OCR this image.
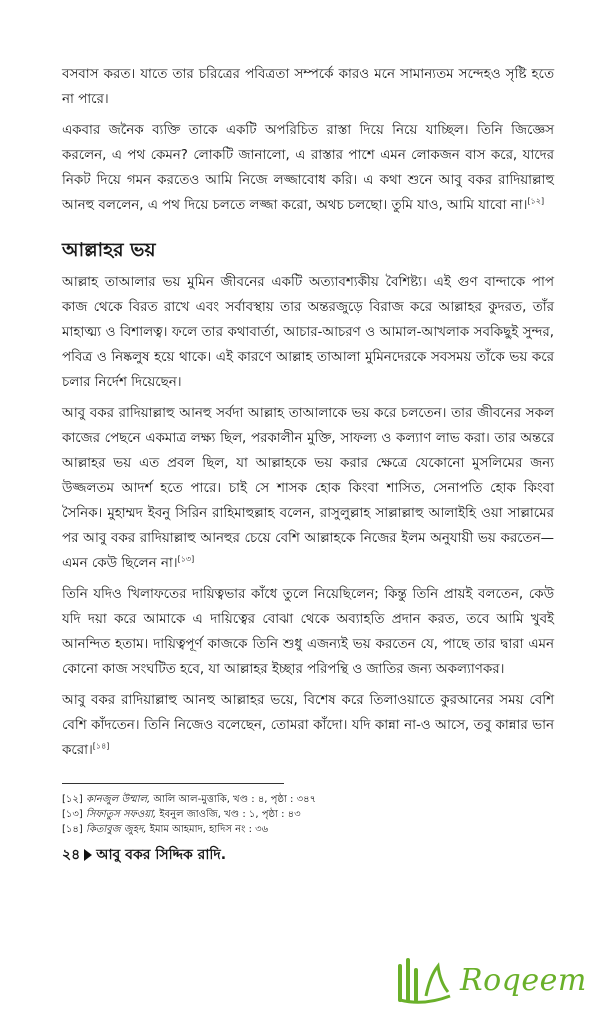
বসবাস করত। যাতে তার চরিত্রের পবিত্রতা সম্পর্কে কারও মনে সামান্যতম সন্দেহও সৃষ্টি হতে না পারে।

একবার জনৈক ব্যক্তি তাকে একটি অপরিচিত রাস্তা দিয়ে নিয়ে যাচ্ছিল। তিনি জিজ্ঞেস করলেন, এ পথ কেমন? লোকটি জানালো, এ রাস্তার পাশে এমন লোকজন বাস করে, যাদের নিকট দিয়ে গমন করতেও আমি নিজে লজ্জাবোধ করি। এ কথা শুনে আবু বকর রাদিয়াল্লাহু আনহু বললেন, এ পথ দিয়ে চলতে লজ্জা করো, অথচ চলছো। তুমি যাও, আমি যাবো না।[১২]

আল্লাহর ভয়

আল্লাহ তাআলার ভয় মুমিন জীবনের একটি অত্যাবশ্যকীয় বৈশিষ্ট্য। এই গুণ বান্দাকে পাপ কাজ থেকে বিরত রাখে এবং সর্বাবস্থায় তার অন্তরজুড়ে বিরাজ করে আল্লাহর কুদরত, তাঁর মাহাত্ম্য ও বিশালত্ব। ফলে তার কথাবার্তা, আচার-আচরণ ও আমাল-আখলাক সবকিছুই সুন্দর, পবিত্র ও নিষ্কলুষ হয়ে থাকে। এই কারণে আল্লাহ তাআলা মুমিনদেরকে সবসময় তাঁকে ভয় করে চলার নির্দেশ দিয়েছেন।

আবু বকর রাদিয়াল্লাহু আনহু সর্বদা আল্লাহ তাআলাকে ভয় করে চলতেন। তার জীবনের সকল কাজের পেছনে একমাত্র লক্ষ্য ছিল, পরকালীন মুক্তি, সাফল্য ও কল্যাণ লাভ করা। তার অন্তরে আল্লাহর ভয় এত প্রবল ছিল, যা আল্লাহকে ভয় করার ক্ষেত্রে যেকোনো মুসলিমের জন্য উজ্জলতম আদর্শ হতে পারে। চাই সে শাসক হোক কিংবা শাসিত, সেনাপতি হোক কিংবা সৈনিক। মুহাম্মদ ইবনু সিরিন রাহিমাহুল্লাহ বলেন, রাসুলুল্লাহ সাল্লাল্লাহু আলাইহি ওয়া সাল্লামের পর আবু বকর রাদিয়াল্লাহু আনহুর চেয়ে বেশি আল্লাহকে নিজের ইলম অনুযায়ী ভয় করতেন—এমন কেউ ছিলেন না।[১৩]

তিনি যদিও খিলাফতের দায়িত্বভার কাঁধে তুলে নিয়েছিলেন; কিন্তু তিনি প্রায়ই বলতেন, কেউ যদি দয়া করে আমাকে এ দায়িত্বের বোঝা থেকে অব্যাহতি প্রদান করত, তবে আমি খুবই আনন্দিত হতাম। দায়িত্বপূর্ণ কাজকে তিনি শুধু এজন্যই ভয় করতেন যে, পাছে তার দ্বারা এমন কোনো কাজ সংঘটিত হবে, যা আল্লাহর ইচ্ছার পরিপন্থি ও জাতির জন্য অকল্যাণকর।

আবু বকর রাদিয়াল্লাহু আনহু আল্লাহর ভয়ে, বিশেষ করে তিলাওয়াতে কুরআনের সময় বেশি বেশি কাঁদতেন। তিনি নিজেও বলেছেন, তোমরা কাঁদো। যদি কান্না না-ও আসে, তবু কান্নার ভান করো।[১৪]

[১২] কানজুল উম্মাল, আলি আল-মুত্তাকি, খণ্ড : ৪, পৃষ্ঠা : ৩৪৭

[১৩] সিফাতুস সফওয়া, ইবনুল জাওজি, খণ্ড : ১, পৃষ্ঠা : ৪৩

[১৪] কিতাবুজ জুহদ, ইমাম আহমাদ, হাদিস নং : ৩৬

২৪ আবু বকর সিদ্দিক রাদি.
Roqeem
